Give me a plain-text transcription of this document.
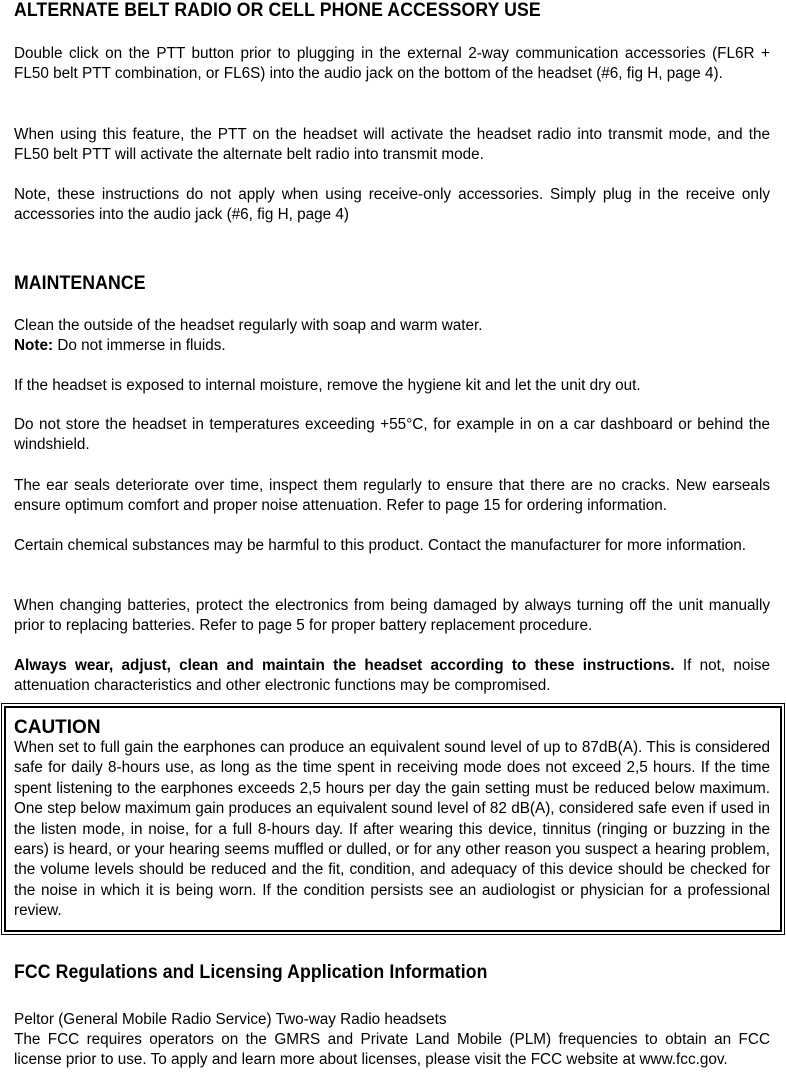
ALTERNATE BELT RADIO OR CELL PHONE ACCESSORY USE

Double click on the PTT button prior to plugging in the external 2-way communication accessories (FL6R + FL50 belt PTT combination, or FL6S) into the audio jack on the bottom of the headset (#6, fig H, page 4).

When using this feature, the PTT on the headset will activate the headset radio into transmit mode, and the FL50 belt PTT will activate the alternate belt radio into transmit mode.

Note, these instructions do not apply when using receive-only accessories. Simply plug in the receive only accessories into the audio jack (#6, fig H, page 4)

MAINTENANCE

Clean the outside of the headset regularly with soap and warm water.

Note: Do not immerse in fluids.

If the headset is exposed to internal moisture, remove the hygiene kit and let the unit dry out.

Do not store the headset in temperatures exceeding +55°C, for example in on a car dashboard or behind the windshield.

The ear seals deteriorate over time, inspect them regularly to ensure that there are no cracks. New earseals ensure optimum comfort and proper noise attenuation. Refer to page 15 for ordering information.

Certain chemical substances may be harmful to this product. Contact the manufacturer for more information.

When changing batteries, protect the electronics from being damaged by always turning off the unit manually prior to replacing batteries. Refer to page 5 for proper battery replacement procedure.

Always wear, adjust, clean and maintain the headset according to these instructions. If not, noise attenuation characteristics and other electronic functions may be compromised.

CAUTION

When set to full gain the earphones can produce an equivalent sound level of up to 87dB(A). This is considered safe for daily 8-hours use, as long as the time spent in receiving mode does not exceed 2,5 hours. If the time spent listening to the earphones exceeds 2,5 hours per day the gain setting must be reduced below maximum. One step below maximum gain produces an equivalent sound level of 82 dB(A), considered safe even if used in the listen mode, in noise, for a full 8-hours day. If after wearing this device, tinnitus (ringing or buzzing in the ears) is heard, or your hearing seems muffled or dulled, or for any other reason you suspect a hearing problem, the volume levels should be reduced and the fit, condition, and adequacy of this device should be checked for the noise in which it is being worn. If the condition persists see an audiologist or physician for a professional review.

FCC Regulations and Licensing Application Information

Peltor (General Mobile Radio Service) Two-way Radio headsets

The FCC requires operators on the GMRS and Private Land Mobile (PLM) frequencies to obtain an FCC license prior to use. To apply and learn more about licenses, please visit the FCC website at www.fcc.gov.
